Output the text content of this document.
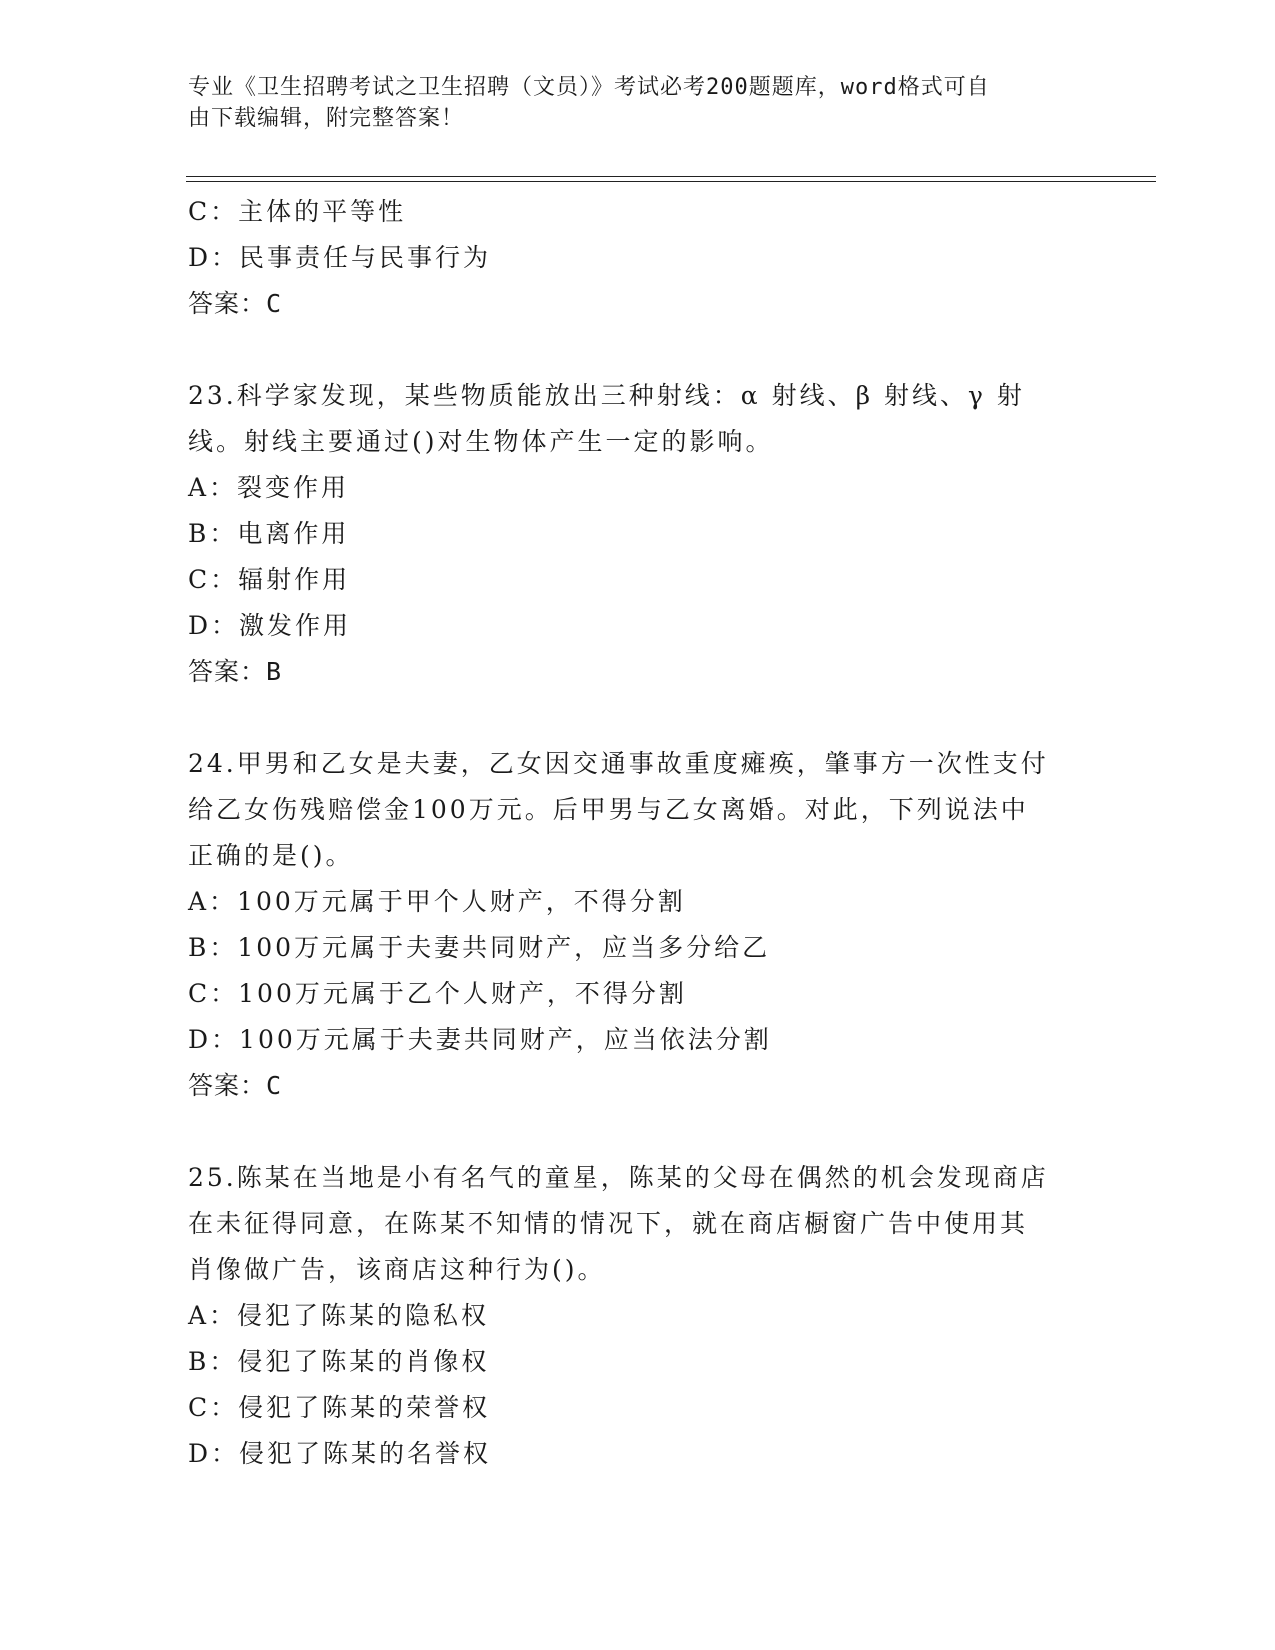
专业《卫生招聘考试之卫生招聘（文员）》考试必考200题题库，word格式可自
由下载编辑，附完整答案！
C：主体的平等性
D：民事责任与民事行为
答案：C
23.科学家发现，某些物质能放出三种射线：α 射线、β 射线、γ 射
线。射线主要通过()对生物体产生一定的影响。
A：裂变作用
B：电离作用
C：辐射作用
D：激发作用
答案：B
24.甲男和乙女是夫妻，乙女因交通事故重度瘫痪，肇事方一次性支付
给乙女伤残赔偿金100万元。后甲男与乙女离婚。对此，下列说法中
正确的是()。
A：100万元属于甲个人财产，不得分割
B：100万元属于夫妻共同财产，应当多分给乙
C：100万元属于乙个人财产，不得分割
D：100万元属于夫妻共同财产，应当依法分割
答案：C
25.陈某在当地是小有名气的童星，陈某的父母在偶然的机会发现商店
在未征得同意，在陈某不知情的情况下，就在商店橱窗广告中使用其
肖像做广告，该商店这种行为()。
A：侵犯了陈某的隐私权
B：侵犯了陈某的肖像权
C：侵犯了陈某的荣誉权
D：侵犯了陈某的名誉权
